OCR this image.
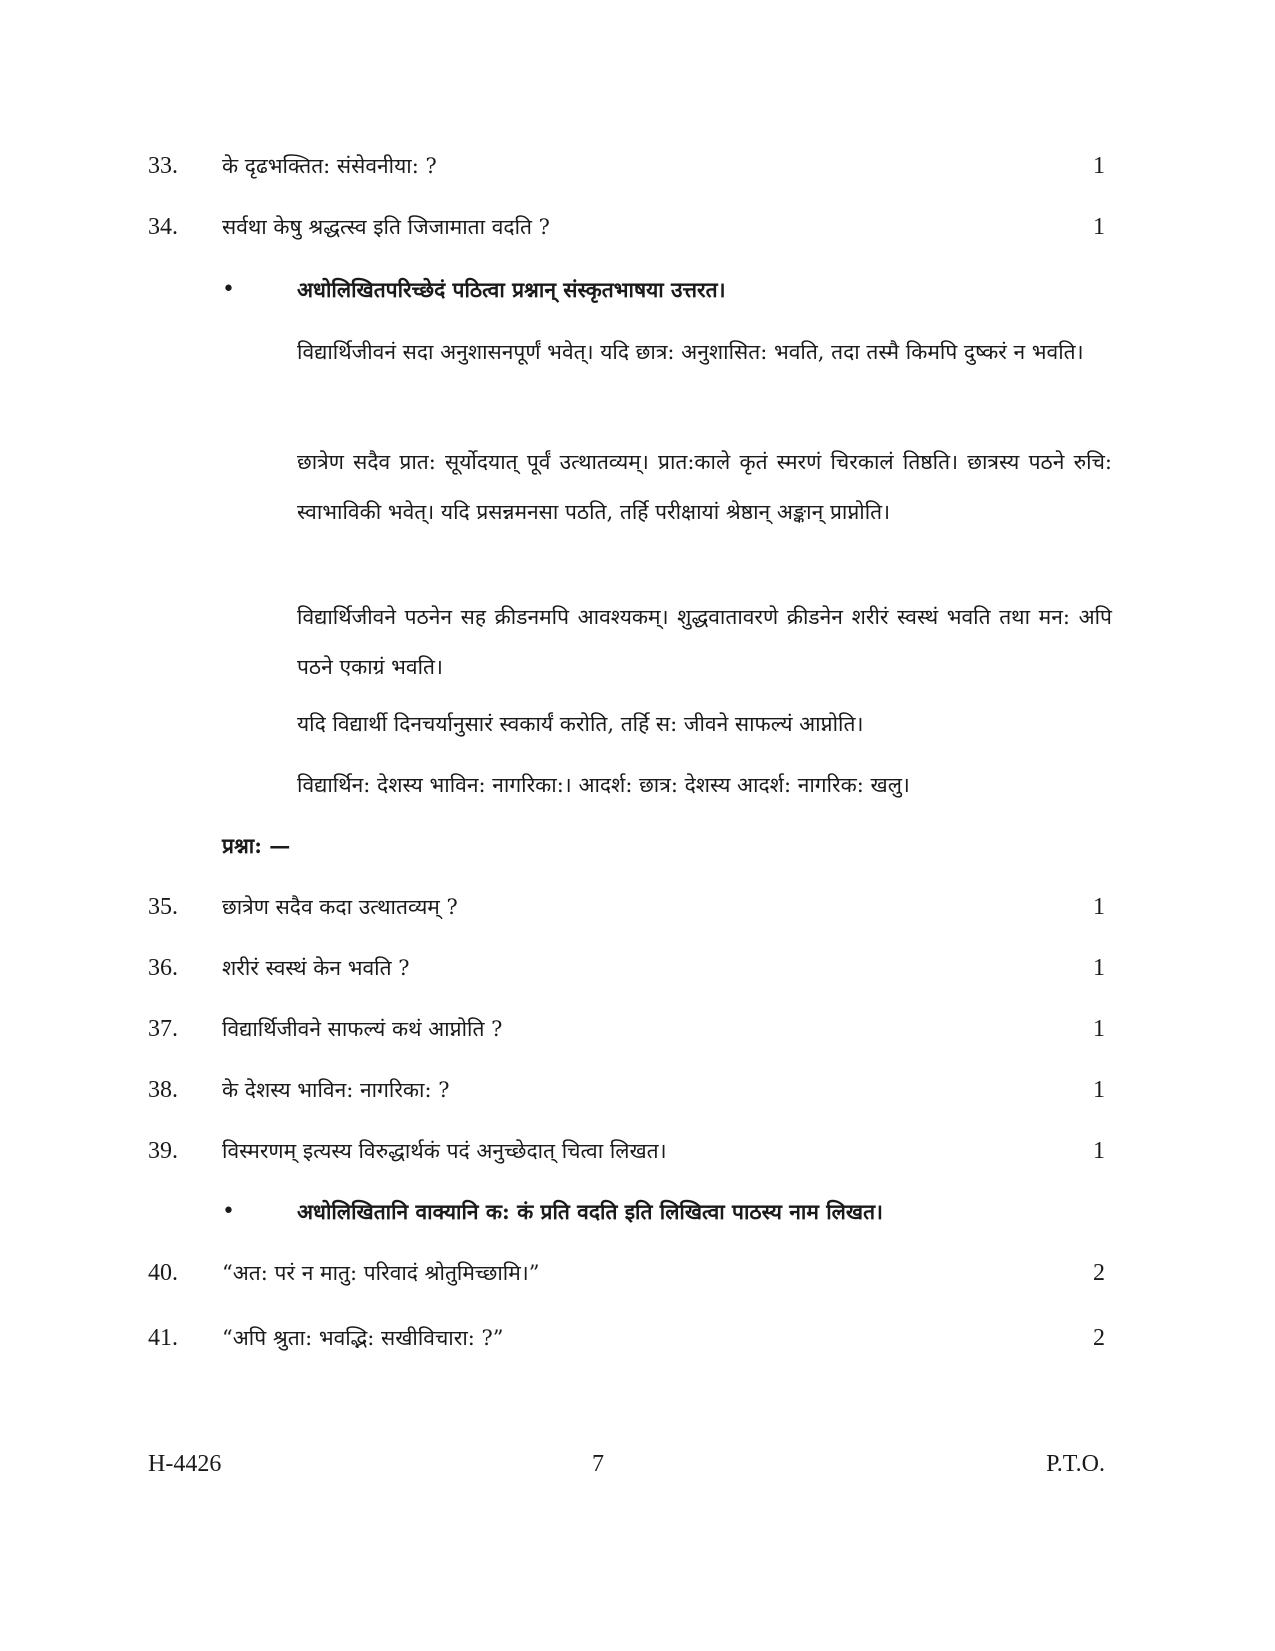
33. के दृढभक्तित: संसेवनीया: ?	1
34. सर्वथा केषु श्रद्धत्स्व इति जिजामाता वदति ?	1
•	अधोलिखितपरिच्छेदं पठित्वा प्रश्नान् संस्कृतभाषया उत्तरत।

विद्यार्थिजीवनं सदा अनुशासनपूर्णं भवेत्। यदि छात्र: अनुशासित: भवति, तदा तस्मै किमपि दुष्करं न भवति।

छात्रेण सदैव प्रात: सूर्योदयात् पूर्वं उत्थातव्यम्। प्रात:काले कृतं स्मरणं चिरकालं तिष्ठति। छात्रस्य पठने रुचि: स्वाभाविकी भवेत्। यदि प्रसन्नमनसा पठति, तर्हि परीक्षायां श्रेष्ठान् अङ्कान् प्राप्नोति।

विद्यार्थिजीवने पठनेन सह क्रीडनमपि आवश्यकम्। शुद्धवातावरणे क्रीडनेन शरीरं स्वस्थं भवति तथा मन: अपि पठने एकाग्रं भवति।

यदि विद्यार्थी दिनचर्यानुसारं स्वकार्यं करोति, तर्हि स: जीवने साफल्यं आप्नोति।

विद्यार्थिन: देशस्य भाविन: नागरिका:। आदर्श: छात्र: देशस्य आदर्श: नागरिक: खलु।

प्रश्ना: —
35. छात्रेण सदैव कदा उत्थातव्यम् ?	1
36. शरीरं स्वस्थं केन भवति ?	1
37. विद्यार्थिजीवने साफल्यं कथं आप्नोति ?	1
38. के देशस्य भाविन: नागरिका: ?	1
39. विस्मरणम् इत्यस्य विरुद्धार्थकं पदं अनुच्छेदात् चित्वा लिखत।	1
•	अधोलिखितानि वाक्यानि क: कं प्रति वदति इति लिखित्वा पाठस्य नाम लिखत।
40. “अत: परं न मातु: परिवादं श्रोतुमिच्छामि।”	2
41. “अपि श्रुता: भवद्भि: सखीविचारा: ?”	2
H-4426	7	P.T.O.
